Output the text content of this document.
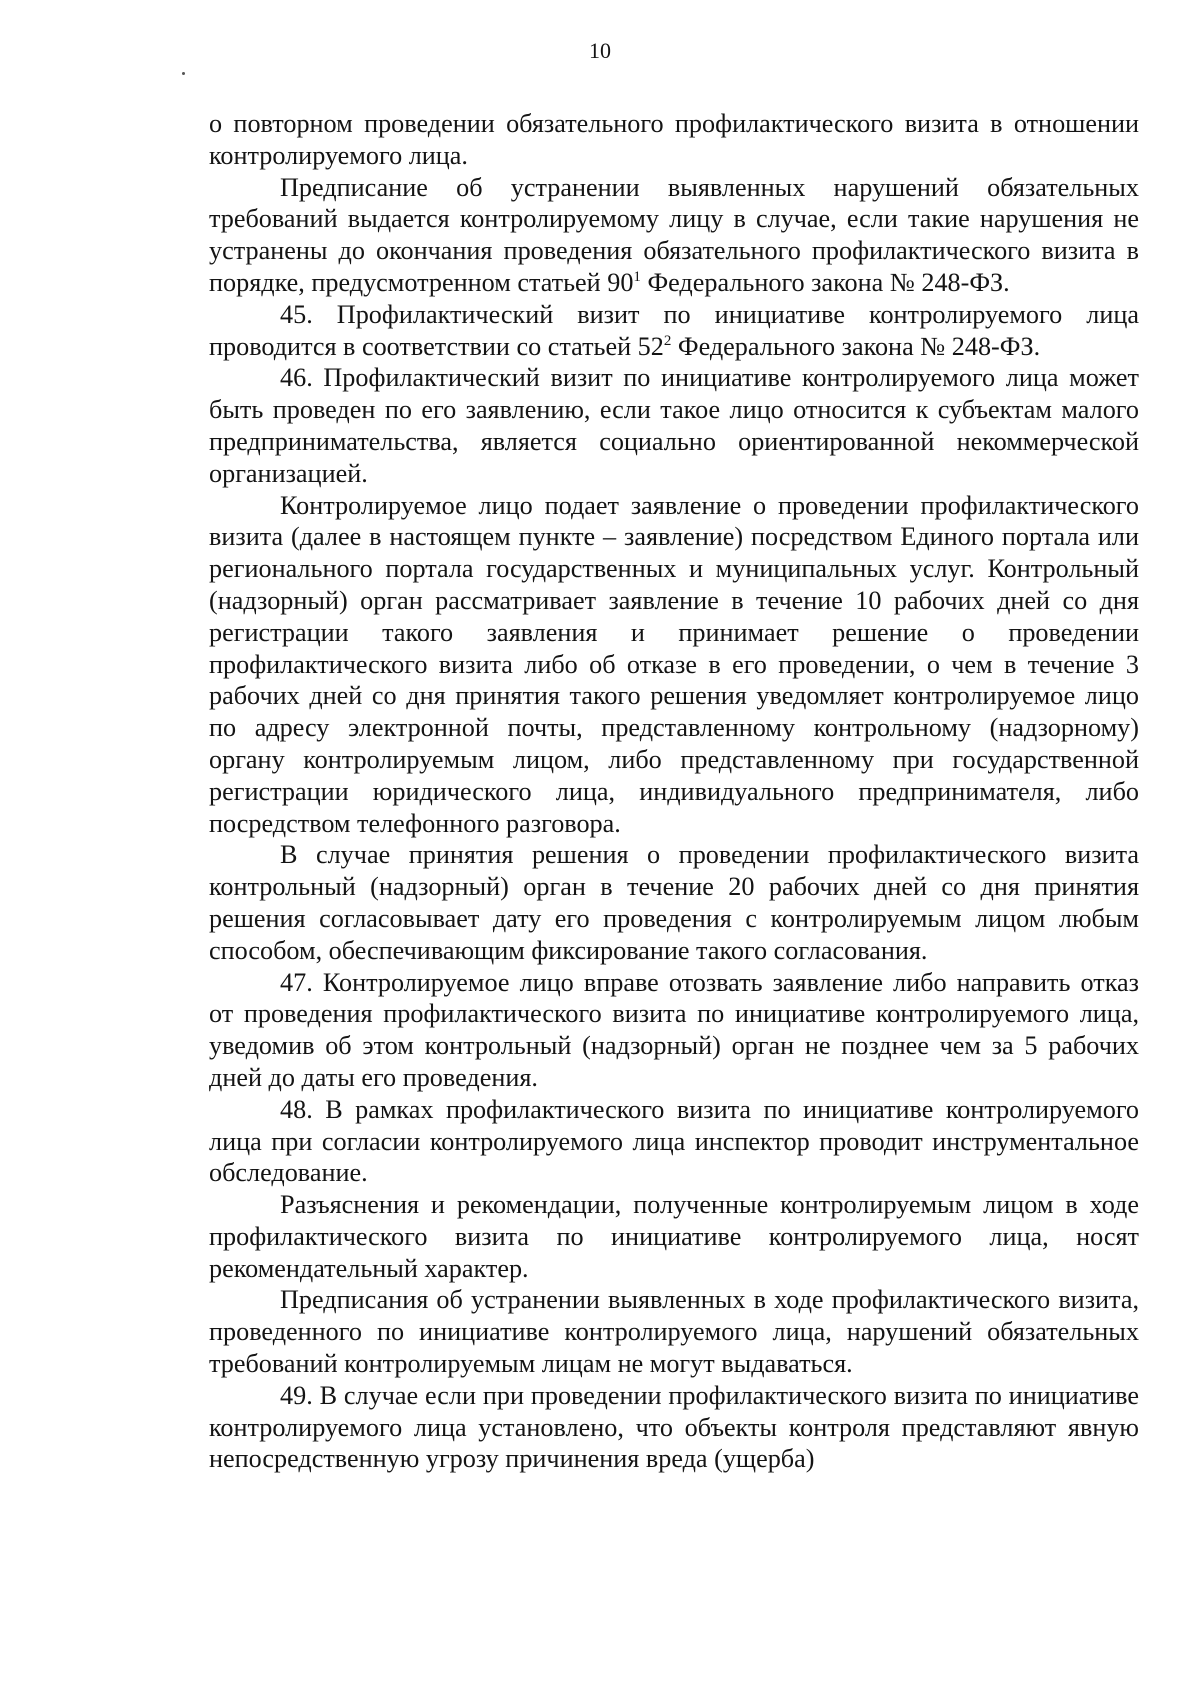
10

о повторном проведении обязательного профилактического визита в отношении контролируемого лица.

Предписание об устранении выявленных нарушений обязательных требований выдается контролируемому лицу в случае, если такие нарушения не устранены до окончания проведения обязательного профилактического визита в порядке, предусмотренном статьей $90^1$ Федерального закона № 248-ФЗ.

45. Профилактический визит по инициативе контролируемого лица проводится в соответствии со статьей $52^2$ Федерального закона № 248-ФЗ.

46. Профилактический визит по инициативе контролируемого лица может быть проведен по его заявлению, если такое лицо относится к субъектам малого предпринимательства, является социально ориентированной некоммерческой организацией.

Контролируемое лицо подает заявление о проведении профилактического визита (далее в настоящем пункте – заявление) посредством Единого портала или регионального портала государственных и муниципальных услуг. Контрольный (надзорный) орган рассматривает заявление в течение 10 рабочих дней со дня регистрации такого заявления и принимает решение о проведении профилактического визита либо об отказе в его проведении, о чем в течение 3 рабочих дней со дня принятия такого решения уведомляет контролируемое лицо по адресу электронной почты, представленному контрольному (надзорному) органу контролируемым лицом, либо представленному при государственной регистрации юридического лица, индивидуального предпринимателя, либо посредством телефонного разговора.

В случае принятия решения о проведении профилактического визита контрольный (надзорный) орган в течение 20 рабочих дней со дня принятия решения согласовывает дату его проведения с контролируемым лицом любым способом, обеспечивающим фиксирование такого согласования.

47. Контролируемое лицо вправе отозвать заявление либо направить отказ от проведения профилактического визита по инициативе контролируемого лица, уведомив об этом контрольный (надзорный) орган не позднее чем за 5 рабочих дней до даты его проведения.

48. В рамках профилактического визита по инициативе контролируемого лица при согласии контролируемого лица инспектор проводит инструментальное обследование.

Разъяснения и рекомендации, полученные контролируемым лицом в ходе профилактического визита по инициативе контролируемого лица, носят рекомендательный характер.

Предписания об устранении выявленных в ходе профилактического визита, проведенного по инициативе контролируемого лица, нарушений обязательных требований контролируемым лицам не могут выдаваться.

49. В случае если при проведении профилактического визита по инициативе контролируемого лица установлено, что объекты контроля представляют явную непосредственную угрозу причинения вреда (ущерба)
